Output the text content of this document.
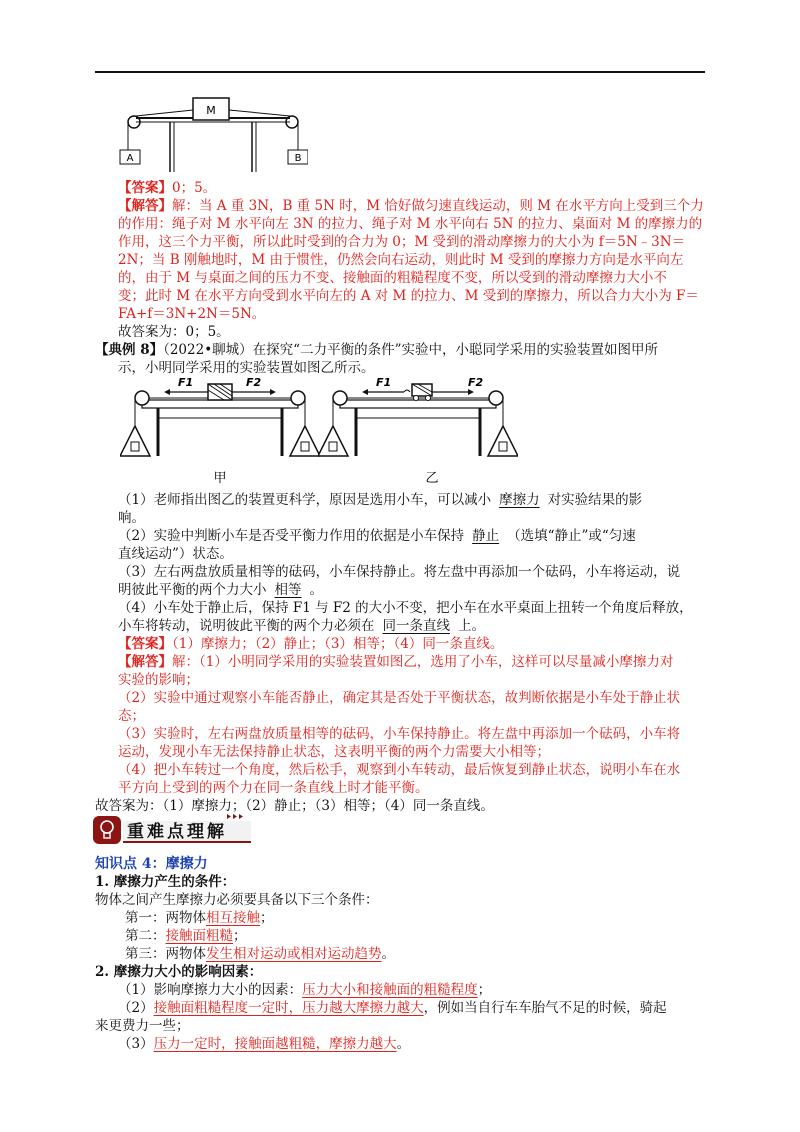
M
A	B
【答案】0；5。
【解答】解：当 A 重 3N，B 重 5N 时，M 恰好做匀速直线运动，则 M 在水平方向上受到三个力
的作用：绳子对 M 水平向左 3N 的拉力、绳子对 M 水平向右 5N 的拉力、桌面对 M 的摩擦力的
作用，这三个力平衡，所以此时受到的合力为 0；M 受到的滑动摩擦力的大小为 f＝5N﹣3N＝
2N；当 B 刚触地时，M 由于惯性，仍然会向右运动，则此时 M 受到的摩擦力方向是水平向左
的，由于 M 与桌面之间的压力不变、接触面的粗糙程度不变，所以受到的滑动摩擦力大小不
变；此时 M 在水平方向受到水平向左的 A 对 M 的拉力、M 受到的摩擦力，所以合力大小为 F＝
FA+f＝3N+2N＝5N。
故答案为：0；5。
【典例 8】（2022•聊城）在探究“二力平衡的条件”实验中，小聪同学采用的实验装置如图甲所
示，小明同学采用的实验装置如图乙所示。
F1	F2
甲
F1	F2
乙
（1）老师指出图乙的装置更科学，原因是选用小车，可以减小 摩擦力 对实验结果的影
响。
（2）实验中判断小车是否受平衡力作用的依据是小车保持 静止 （选填“静止”或“匀速
直线运动”）状态。
（3）左右两盘放质量相等的砝码，小车保持静止。将左盘中再添加一个砝码，小车将运动，说
明彼此平衡的两个力大小 相等 。
（4）小车处于静止后，保持 F1 与 F2 的大小不变，把小车在水平桌面上扭转一个角度后释放，
小车将转动，说明彼此平衡的两个力必须在 同一条直线 上。
【答案】（1）摩擦力；（2）静止；（3）相等；（4）同一条直线。
【解答】解：（1）小明同学采用的实验装置如图乙，选用了小车，这样可以尽量减小摩擦力对
实验的影响；
（2）实验中通过观察小车能否静止，确定其是否处于平衡状态，故判断依据是小车处于静止状
态；
（3）实验时，左右两盘放质量相等的砝码，小车保持静止。将左盘中再添加一个砝码，小车将
运动，发现小车无法保持静止状态，这表明平衡的两个力需要大小相等；
（4）把小车转过一个角度，然后松手，观察到小车转动，最后恢复到静止状态，说明小车在水
平方向上受到的两个力在同一条直线上时才能平衡。
故答案为：（1）摩擦力；（2）静止；（3）相等；（4）同一条直线。
重难点理解
知识点 4：摩擦力
1. 摩擦力产生的条件：
物体之间产生摩擦力必须要具备以下三个条件：
第一：两物体相互接触；
第二：接触面粗糙；
第三：两物体发生相对运动或相对运动趋势。
2. 摩擦力大小的影响因素：
（1）影响摩擦力大小的因素：压力大小和接触面的粗糙程度；
（2）接触面粗糙程度一定时，压力越大摩擦力越大，例如当自行车车胎气不足的时候，骑起
来更费力一些；
（3）压力一定时，接触面越粗糙，摩擦力越大。
